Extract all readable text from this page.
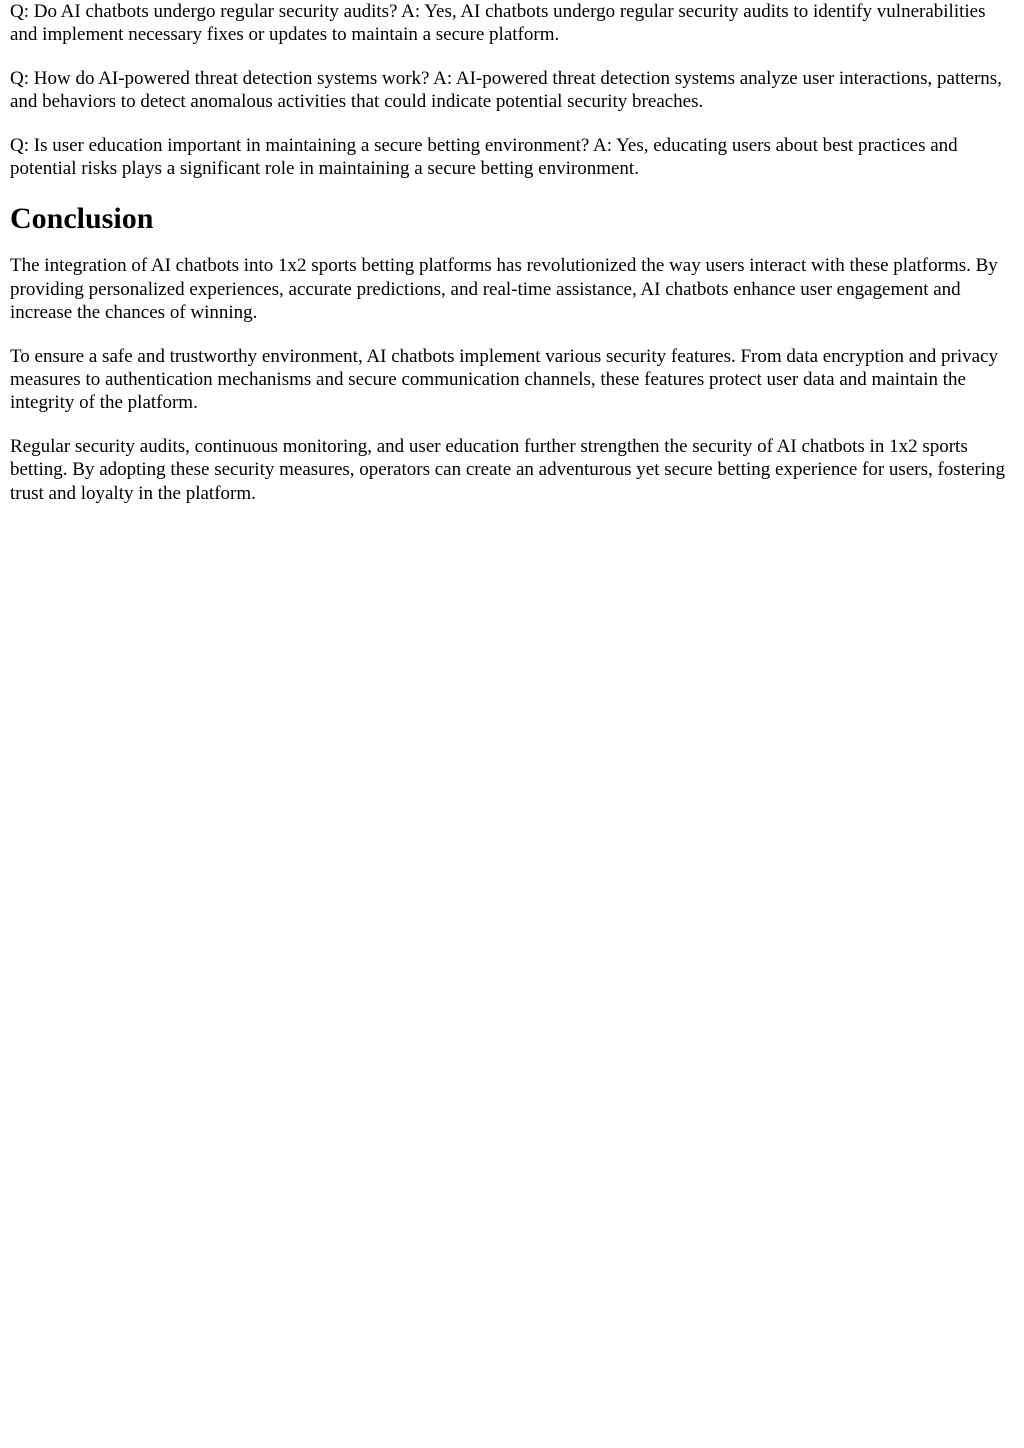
Q: Do AI chatbots undergo regular security audits? A: Yes, AI chatbots undergo regular security audits to identify vulnerabilities and implement necessary fixes or updates to maintain a secure platform.

Q: How do AI-powered threat detection systems work? A: AI-powered threat detection systems analyze user interactions, patterns, and behaviors to detect anomalous activities that could indicate potential security breaches.

Q: Is user education important in maintaining a secure betting environment? A: Yes, educating users about best practices and potential risks plays a significant role in maintaining a secure betting environment.

Conclusion

The integration of AI chatbots into 1x2 sports betting platforms has revolutionized the way users interact with these platforms. By providing personalized experiences, accurate predictions, and real-time assistance, AI chatbots enhance user engagement and increase the chances of winning.

To ensure a safe and trustworthy environment, AI chatbots implement various security features. From data encryption and privacy measures to authentication mechanisms and secure communication channels, these features protect user data and maintain the integrity of the platform.

Regular security audits, continuous monitoring, and user education further strengthen the security of AI chatbots in 1x2 sports betting. By adopting these security measures, operators can create an adventurous yet secure betting experience for users, fostering trust and loyalty in the platform.
